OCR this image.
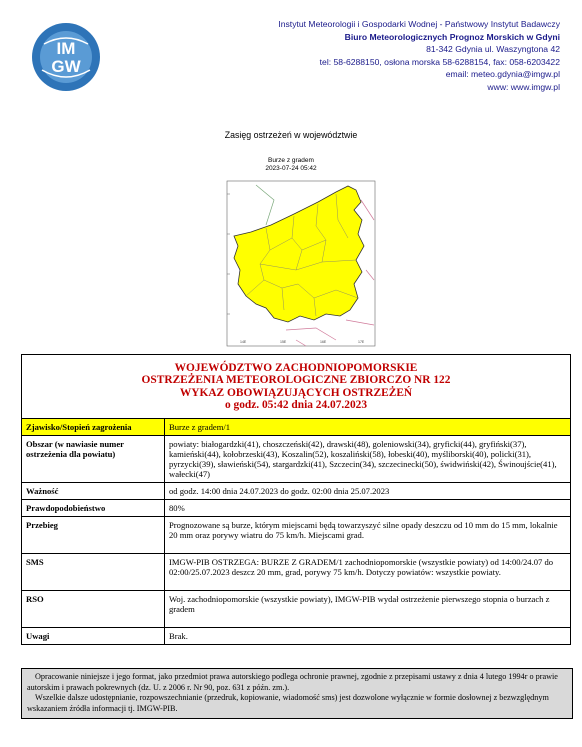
IM
GW
Instytut Meteorologii i Gospodarki Wodnej - Państwowy Instytut Badawczy
Biuro Meteorologicznych Prognoz Morskich w Gdyni
81-342 Gdynia ul. Waszyngtona 42
tel: 58-6288150, osłona morska 58-6288154, fax: 058-6203422
email: meteo.gdynia@imgw.pl
www: www.imgw.pl
Zasięg ostrzeżeń w województwie
Burze z gradem
2023-07-24 05:42
14E	15E	16E	17E
WOJEWÓDZTWO ZACHODNIOPOMORSKIE
OSTRZEŻENIA METEOROLOGICZNE ZBIORCZO NR 122
WYKAZ OBOWIĄZUJĄCYCH OSTRZEŻEŃ
o godz. 05:42 dnia 24.07.2023	

Zjawisko/Stopień zagrożenia	Burze z gradem/1
Obszar (w nawiasie numer ostrzeżenia dla powiatu)	powiaty: białogardzki(41), choszczeński(42), drawski(48), goleniowski(34), gryficki(44), gryfiński(37), kamieński(44), kołobrzeski(43), Koszalin(52), koszaliński(58), łobeski(40), myśliborski(40), policki(31), pyrzycki(39), sławieński(54), stargardzki(41), Szczecin(34), szczecinecki(50), świdwiński(42), Świnoujście(41), wałecki(47)
Ważność	od godz. 14:00 dnia 24.07.2023 do godz. 02:00 dnia 25.07.2023
Prawdopodobieństwo	80%
Przebieg	Prognozowane są burze, którym miejscami będą towarzyszyć silne opady deszczu od 10 mm do 15 mm, lokalnie 20 mm oraz porywy wiatru do 75 km/h. Miejscami grad.
SMS	IMGW-PIB OSTRZEGA: BURZE Z GRADEM/1 zachodniopomorskie (wszystkie powiaty) od 14:00/24.07 do 02:00/25.07.2023 deszcz 20 mm, grad, porywy 75 km/h. Dotyczy powiatów: wszystkie powiaty.
RSO	Woj. zachodniopomorskie (wszystkie powiaty), IMGW-PIB wydał ostrzeżenie pierwszego stopnia o burzach z gradem
Uwagi	Brak.
Opracowanie niniejsze i jego format, jako przedmiot prawa autorskiego podlega ochronie prawnej, zgodnie z przepisami ustawy z dnia 4 lutego 1994r o prawie autorskim i prawach pokrewnych (dz. U. z 2006 r. Nr 90, poz. 631 z późn. zm.).
Wszelkie dalsze udostępnianie, rozpowszechnianie (przedruk, kopiowanie, wiadomość sms) jest dozwolone wyłącznie w formie dosłownej z bezwzględnym wskazaniem źródła informacji tj. IMGW-PIB.
